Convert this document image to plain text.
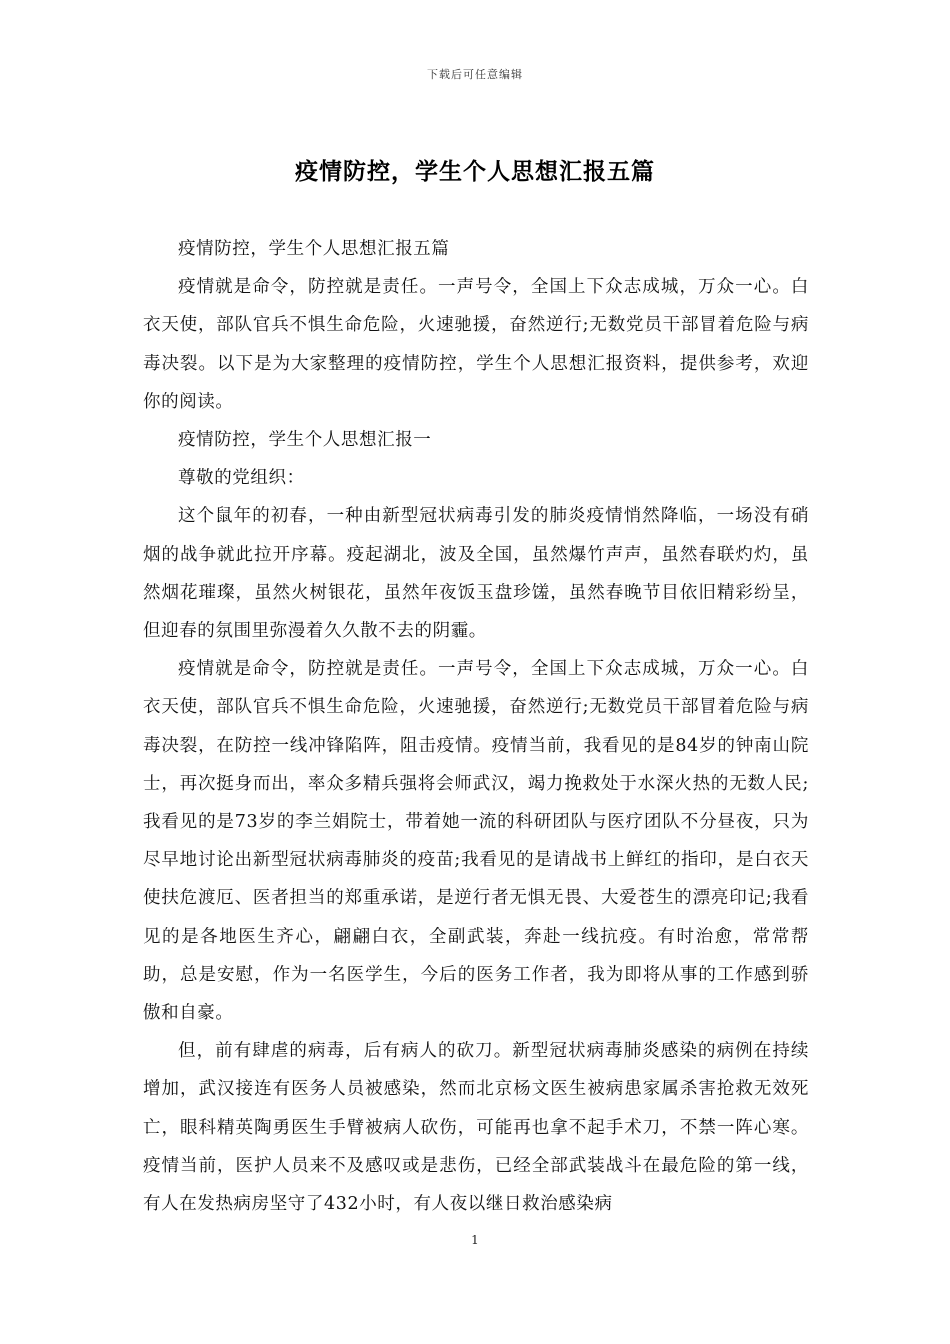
下载后可任意编辑
疫情防控，学生个人思想汇报五篇

疫情防控，学生个人思想汇报五篇

疫情就是命令，防控就是责任。一声号令，全国上下众志成城，万众一心。白衣天使，部队官兵不惧生命危险，火速驰援，奋然逆行;无数党员干部冒着危险与病毒决裂。以下是为大家整理的疫情防控，学生个人思想汇报资料，提供参考，欢迎你的阅读。

疫情防控，学生个人思想汇报一

尊敬的党组织：

这个鼠年的初春，一种由新型冠状病毒引发的肺炎疫情悄然降临，一场没有硝烟的战争就此拉开序幕。疫起湖北，波及全国，虽然爆竹声声，虽然春联灼灼，虽然烟花璀璨，虽然火树银花，虽然年夜饭玉盘珍馐，虽然春晚节目依旧精彩纷呈，但迎春的氛围里弥漫着久久散不去的阴霾。

疫情就是命令，防控就是责任。一声号令，全国上下众志成城，万众一心。白衣天使，部队官兵不惧生命危险，火速驰援，奋然逆行;无数党员干部冒着危险与病毒决裂，在防控一线冲锋陷阵，阻击疫情。疫情当前，我看见的是84岁的钟南山院士，再次挺身而出，率众多精兵强将会师武汉，竭力挽救处于水深火热的无数人民;我看见的是73岁的李兰娟院士，带着她一流的科研团队与医疗团队不分昼夜，只为尽早地讨论出新型冠状病毒肺炎的疫苗;我看见的是请战书上鲜红的指印，是白衣天使扶危渡厄、医者担当的郑重承诺，是逆行者无惧无畏、大爱苍生的漂亮印记;我看见的是各地医生齐心，翩翩白衣，全副武装，奔赴一线抗疫。有时治愈，常常帮助，总是安慰，作为一名医学生，今后的医务工作者，我为即将从事的工作感到骄傲和自豪。

但，前有肆虐的病毒，后有病人的砍刀。新型冠状病毒肺炎感染的病例在持续增加，武汉接连有医务人员被感染，然而北京杨文医生被病患家属杀害抢救无效死亡，眼科精英陶勇医生手臂被病人砍伤，可能再也拿不起手术刀，不禁一阵心寒。疫情当前，医护人员来不及感叹或是悲伤，已经全部武装战斗在最危险的第一线，有人在发热病房坚守了432小时，有人夜以继日救治感染病

1
